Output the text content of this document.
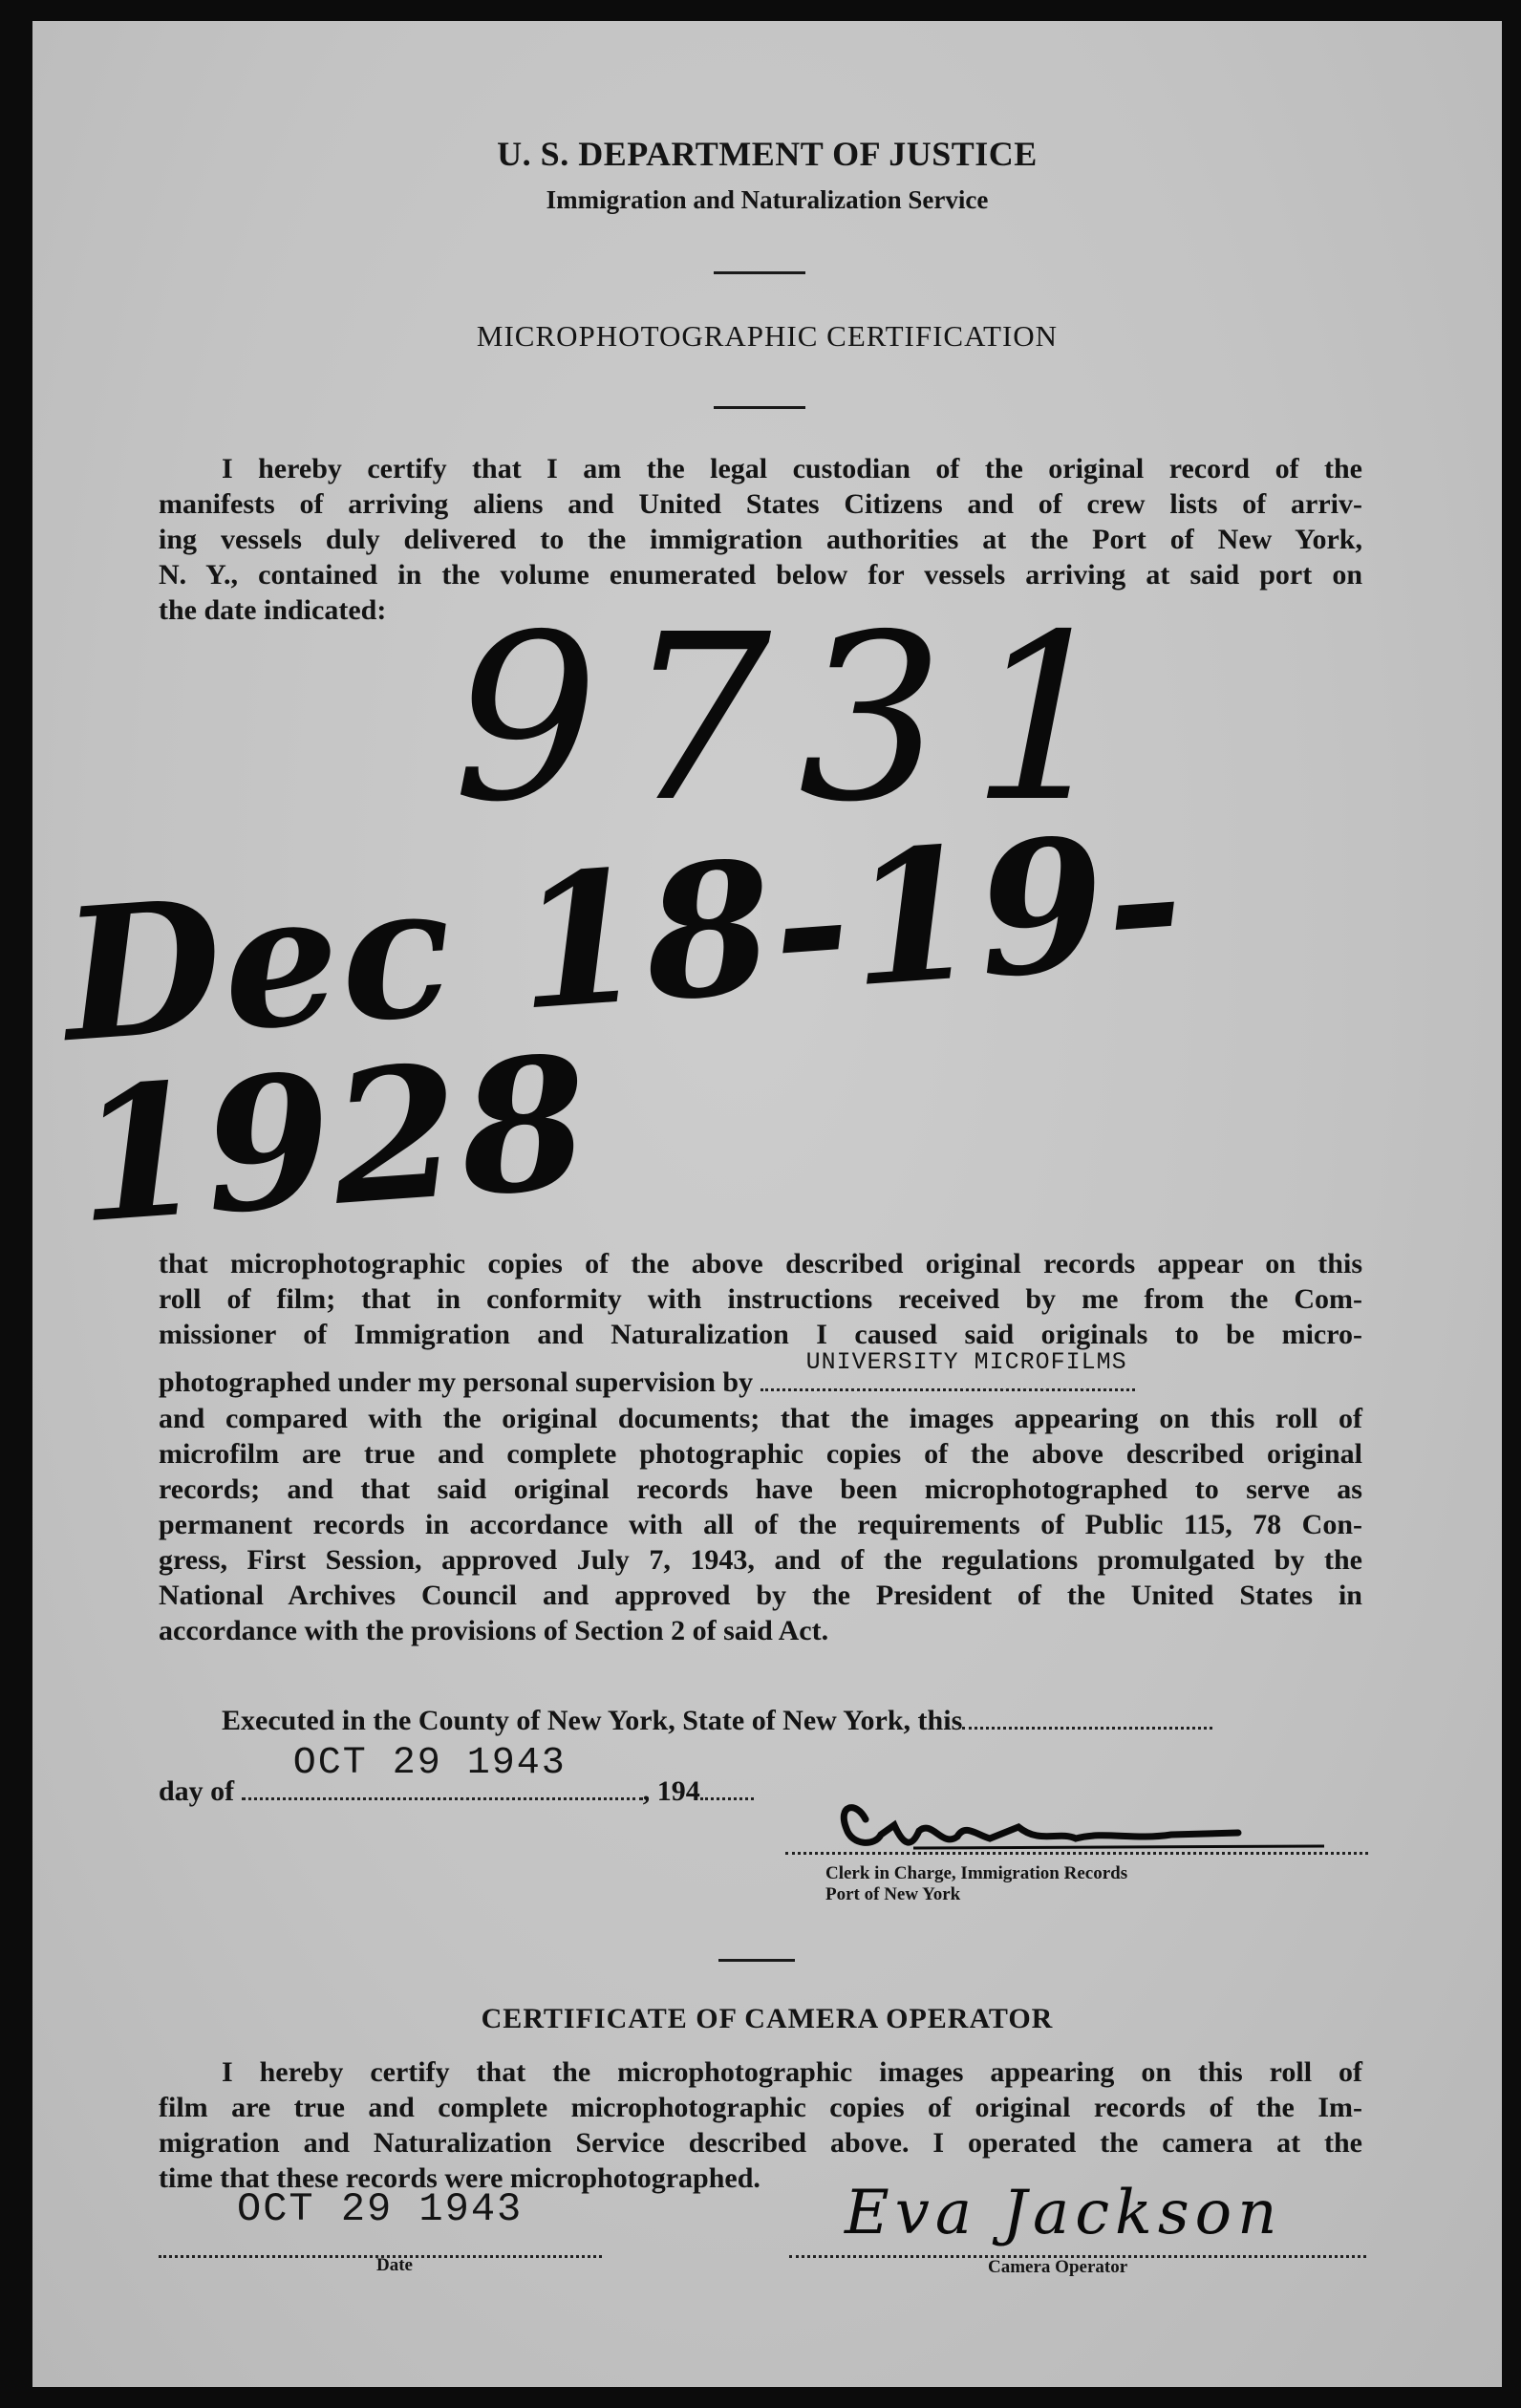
U. S. DEPARTMENT OF JUSTICE
Immigration and Naturalization Service
MICROPHOTOGRAPHIC CERTIFICATION
I hereby certify that I am the legal custodian of the original record of the
manifests of arriving aliens and United States Citizens and of crew lists of arriv-
ing vessels duly delivered to the immigration authorities at the Port of New York,
N. Y., contained in the volume enumerated below for vessels arriving at said port on
the date indicated: 9731
Dec 18-19-1928
that microphotographic copies of the above described original records appear on this
roll of film; that in conformity with instructions received by me from the Com-
missioner of Immigration and Naturalization I caused said originals to be micro-
photographed under my personal supervision by
UNIVERSITY MICROFILMS
and compared with the original documents; that the images appearing on this roll of
microfilm are true and complete photographic copies of the above described original
records; and that said original records have been microphotographed to serve as
permanent records in accordance with all of the requirements of Public 115, 78 Con-
gress, First Session, approved July 7, 1943, and of the regulations promulgated by the
National Archives Council and approved by the President of the United States in
accordance with the provisions of Section 2 of said Act.
Executed in the County of New York, State of New York, this
day of
OCT 29 1943
, 194
Clerk in Charge, Immigration Records
Port of New York
CERTIFICATE OF CAMERA OPERATOR
I hereby certify that the microphotographic images appearing on this roll of
film are true and complete microphotographic copies of original records of the Im-
migration and Naturalization Service described above. I operated the camera at the
time that these records were microphotographed.
OCT 29 1943
Date
Eva Jackson
Camera Operator
